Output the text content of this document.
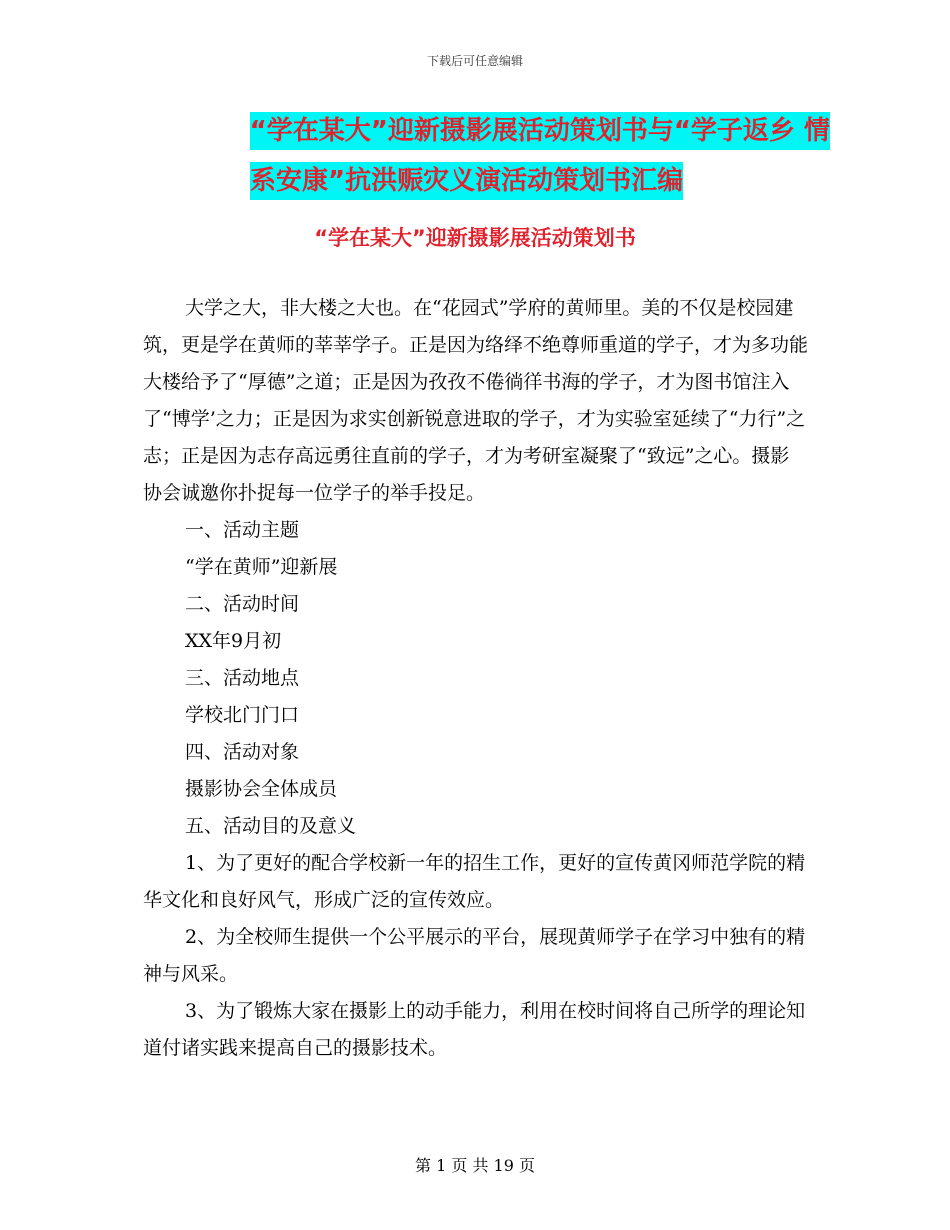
下载后可任意编辑
“学在某大”迎新摄影展活动策划书与“学子返乡 情
系安康”抗洪赈灾义演活动策划书汇编
“学在某大”迎新摄影展活动策划书

大学之大，非大楼之大也。在“花园式”学府的黄师里。美的不仅是校园建筑，更是学在黄师的莘莘学子。正是因为络绎不绝尊师重道的学子，才为多功能大楼给予了“厚德”之道；正是因为孜孜不倦徜徉书海的学子，才为图书馆注入了“博学’之力；正是因为求实创新锐意进取的学子，才为实验室延续了“力行”之志；正是因为志存高远勇往直前的学子，才为考研室凝聚了“致远”之心。摄影协会诚邀你扑捉每一位学子的举手投足。

一、活动主题

“学在黄师”迎新展

二、活动时间

XX年9月初

三、活动地点

学校北门门口

四、活动对象

摄影协会全体成员

五、活动目的及意义

1、为了更好的配合学校新一年的招生工作，更好的宣传黄冈师范学院的精华文化和良好风气，形成广泛的宣传效应。

2、为全校师生提供一个公平展示的平台，展现黄师学子在学习中独有的精神与风采。

3、为了锻炼大家在摄影上的动手能力，利用在校时间将自己所学的理论知道付诸实践来提高自己的摄影技术。

第 1 页 共 19 页
